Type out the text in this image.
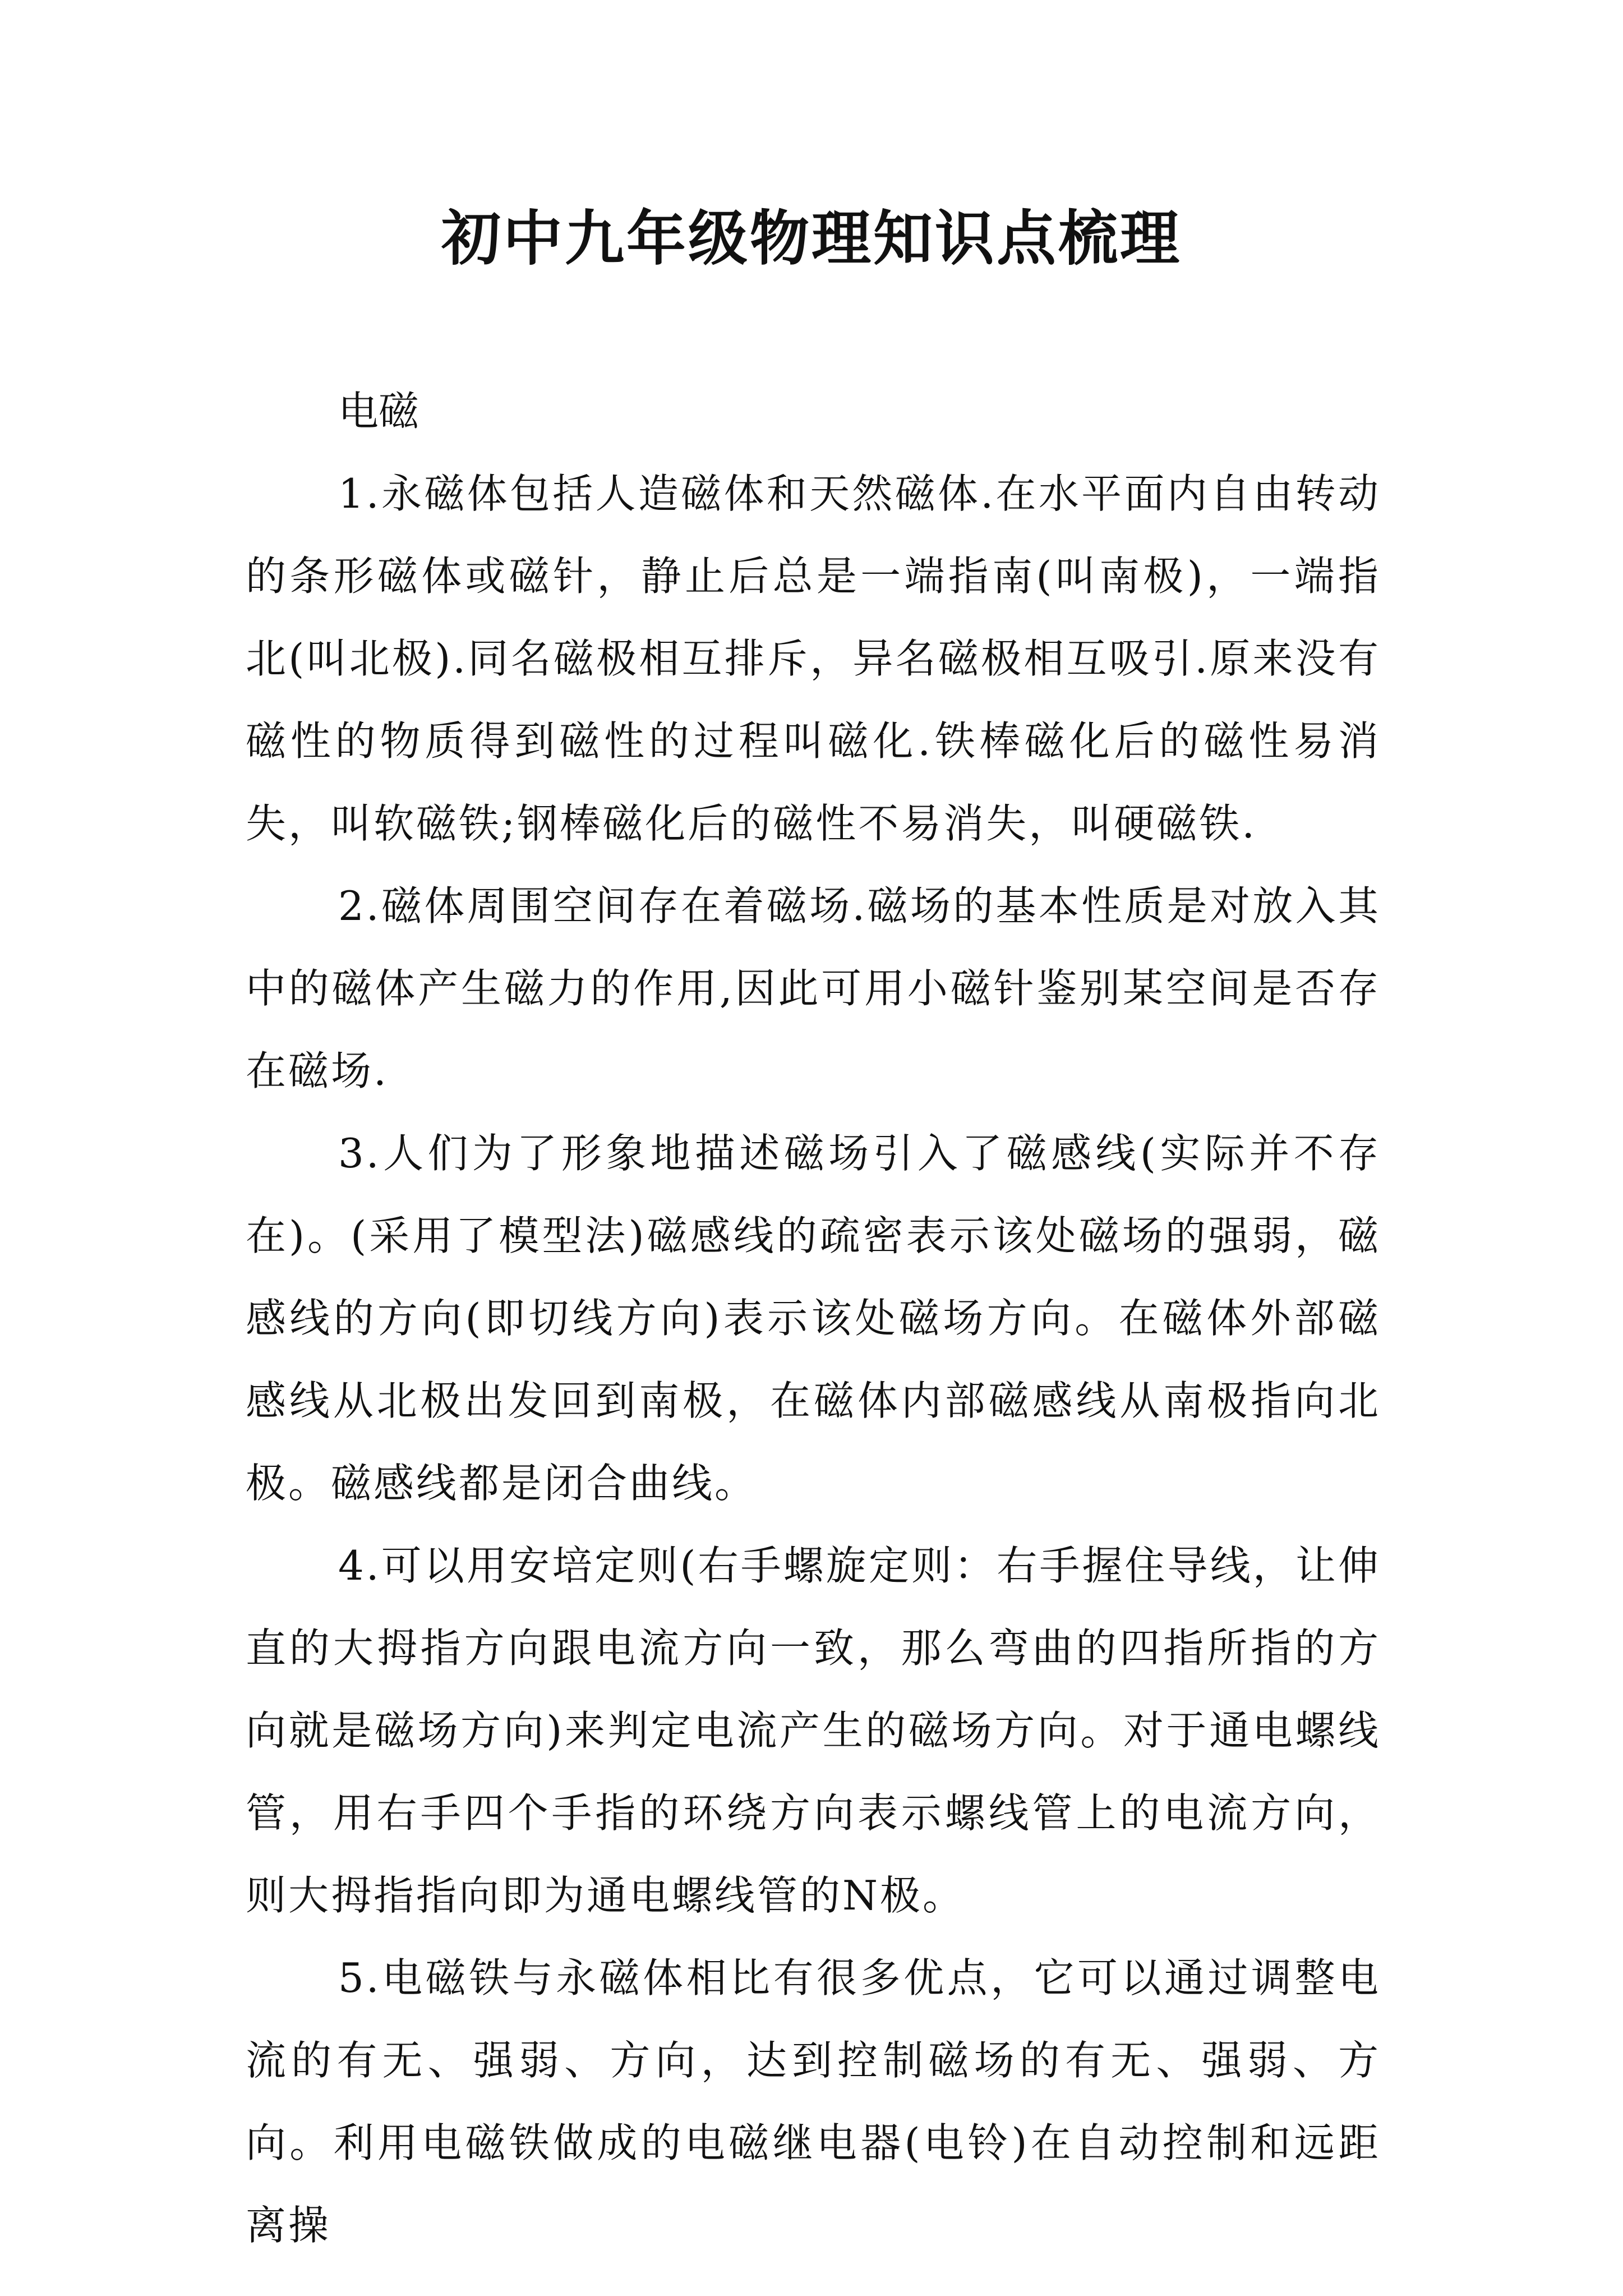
初中九年级物理知识点梳理
电磁

1.永磁体包括人造磁体和天然磁体.在水平面内自由转动的条形磁体或磁针，静止后总是一端指南(叫南极)，一端指北(叫北极).同名磁极相互排斥，异名磁极相互吸引.原来没有磁性的物质得到磁性的过程叫磁化.铁棒磁化后的磁性易消失，叫软磁铁;钢棒磁化后的磁性不易消失，叫硬磁铁.

2.磁体周围空间存在着磁场.磁场的基本性质是对放入其中的磁体产生磁力的作用,因此可用小磁针鉴别某空间是否存在磁场.

3.人们为了形象地描述磁场引入了磁感线(实际并不存在)。(采用了模型法)磁感线的疏密表示该处磁场的强弱，磁感线的方向(即切线方向)表示该处磁场方向。在磁体外部磁感线从北极出发回到南极，在磁体内部磁感线从南极指向北极。磁感线都是闭合曲线。

4.可以用安培定则(右手螺旋定则：右手握住导线，让伸直的大拇指方向跟电流方向一致，那么弯曲的四指所指的方向就是磁场方向)来判定电流产生的磁场方向。对于通电螺线管，用右手四个手指的环绕方向表示螺线管上的电流方向，则大拇指指向即为通电螺线管的N极。

5.电磁铁与永磁体相比有很多优点，它可以通过调整电流的有无、强弱、方向，达到控制磁场的有无、强弱、方向。利用电磁铁做成的电磁继电器(电铃)在自动控制和远距离操
